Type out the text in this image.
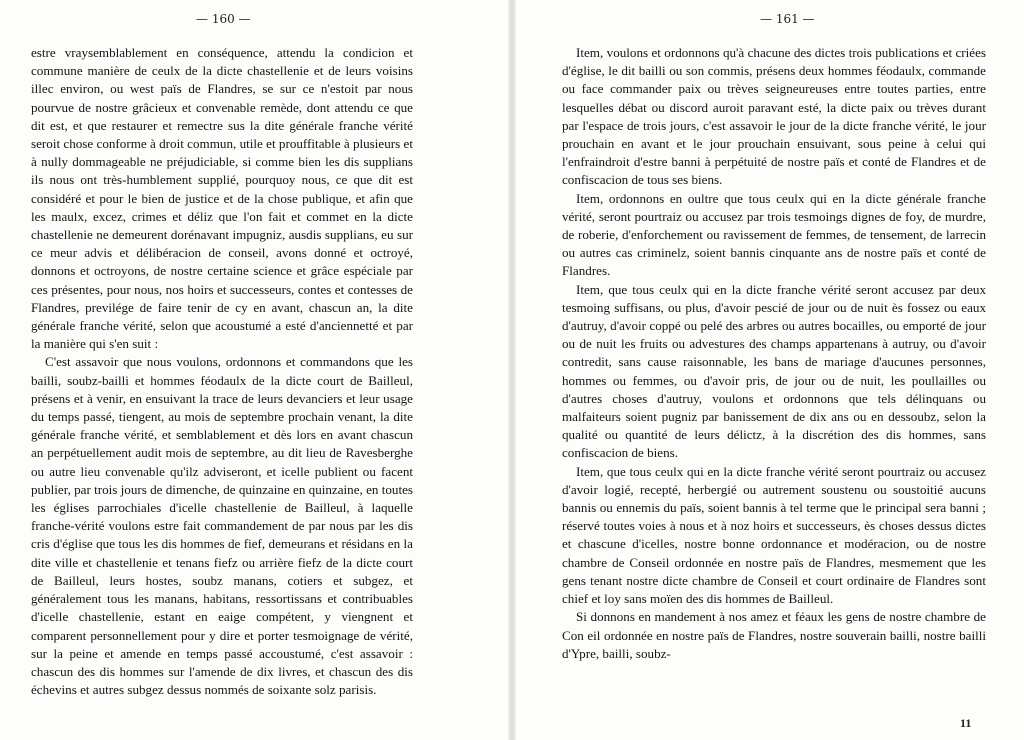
— 160 —

estre vraysemblablement en conséquence, attendu la condicion et commune manière de ceulx de la dicte chastellenie et de leurs voisins illec environ, ou west païs de Flandres, se sur ce n'estoit par nous pourvue de nostre grâcieux et convenable remède, dont attendu ce que dit est, et que restaurer et remectre sus la dite générale franche vérité seroit chose conforme à droit commun, utile et prouffitable à plusieurs et à nully dommageable ne préjudiciable, si comme bien les dis supplians ils nous ont très-humblement supplié, pourquoy nous, ce que dit est considéré et pour le bien de justice et de la chose publique, et afin que les maulx, excez, crimes et déliz que l'on fait et commet en la dicte chastellenie ne demeurent dorénavant impugniz, ausdis supplians, eu sur ce meur advis et délibéracion de conseil, avons donné et octroyé, donnons et octroyons, de nostre certaine science et grâce espéciale par ces présentes, pour nous, nos hoirs et successeurs, contes et contesses de Flandres, previlége de faire tenir de cy en avant, chascun an, la dite générale franche vérité, selon que acoustumé a esté d'anciennetté et par la manière qui s'en suit :

C'est assavoir que nous voulons, ordonnons et commandons que les bailli, soubz-bailli et hommes féodaulx de la dicte court de Bailleul, présens et à venir, en ensuivant la trace de leurs devanciers et leur usage du temps passé, tiengent, au mois de septembre prochain venant, la dite générale franche vérité, et semblablement et dès lors en avant chascun an perpétuellement audit mois de septembre, au dit lieu de Ravesberghe ou autre lieu convenable qu'ilz adviseront, et icelle publient ou facent publier, par trois jours de dimenche, de quinzaine en quinzaine, en toutes les églises parrochiales d'icelle chastellenie de Bailleul, à laquelle franche-vérité voulons estre fait commandement de par nous par les dis cris d'église que tous les dis hommes de fief, demeurans et résidans en la dite ville et chastellenie et tenans fiefz ou arrière fiefz de la dicte court de Bailleul, leurs hostes, soubz manans, cotiers et subgez, et généralement tous les manans, habitans, ressortissans et contribuables d'icelle chastellenie, estant en eaige compétent, y viengnent et comparent personnellement pour y dire et porter tesmoignage de vérité, sur la peine et amende en temps passé accoustumé, c'est assavoir : chascun des dis hommes sur l'amende de dix livres, et chascun des dis échevins et autres subgez dessus nommés de soixante solz parisis.

— 161 —

Item, voulons et ordonnons qu'à chacune des dictes trois publications et criées d'église, le dit bailli ou son commis, présens deux hommes féodaulx, commande ou face commander paix ou trèves seigneureuses entre toutes parties, entre lesquelles débat ou discord auroit paravant esté, la dicte paix ou trèves durant par l'espace de trois jours, c'est assavoir le jour de la dicte franche vérité, le jour prouchain en avant et le jour prouchain ensuivant, sous peine à celui qui l'enfraindroit d'estre banni à perpétuité de nostre païs et conté de Flandres et de confiscacion de tous ses biens.

Item, ordonnons en oultre que tous ceulx qui en la dicte générale franche vérité, seront pourtraiz ou accusez par trois tesmoings dignes de foy, de murdre, de roberie, d'enforchement ou ravissement de femmes, de tensement, de larrecin ou autres cas criminelz, soient bannis cinquante ans de nostre païs et conté de Flandres.

Item, que tous ceulx qui en la dicte franche vérité seront accusez par deux tesmoing suffisans, ou plus, d'avoir pescié de jour ou de nuit ès fossez ou eaux d'autruy, d'avoir coppé ou pelé des arbres ou autres bocailles, ou emporté de jour ou de nuit les fruits ou advestures des champs appartenans à autruy, ou d'avoir contredit, sans cause raisonnable, les bans de mariage d'aucunes personnes, hommes ou femmes, ou d'avoir pris, de jour ou de nuit, les poullailles ou d'autres choses d'autruy, voulons et ordonnons que tels délinquans ou malfaiteurs soient pugniz par banissement de dix ans ou en dessoubz, selon la qualité ou quantité de leurs délictz, à la discrétion des dis hommes, sans confiscacion de biens.

Item, que tous ceulx qui en la dicte franche vérité seront pourtraiz ou accusez d'avoir logié, recepté, herbergié ou autrement soustenu ou soustoitié aucuns bannis ou ennemis du païs, soient bannis à tel terme que le principal sera banni ; réservé toutes voies à nous et à noz hoirs et successeurs, ès choses dessus dictes et chascune d'icelles, nostre bonne ordonnance et modéracion, ou de nostre chambre de Conseil ordonnée en nostre païs de Flandres, mesmement que les gens tenant nostre dicte chambre de Conseil et court ordinaire de Flandres sont chief et loy sans moïen des dis hommes de Bailleul.

Si donnons en mandement à nos amez et féaux les gens de nostre chambre de Con eil ordonnée en nostre païs de Flandres, nostre souverain bailli, nostre bailli d'Ypre, bailli, soubz-

11
